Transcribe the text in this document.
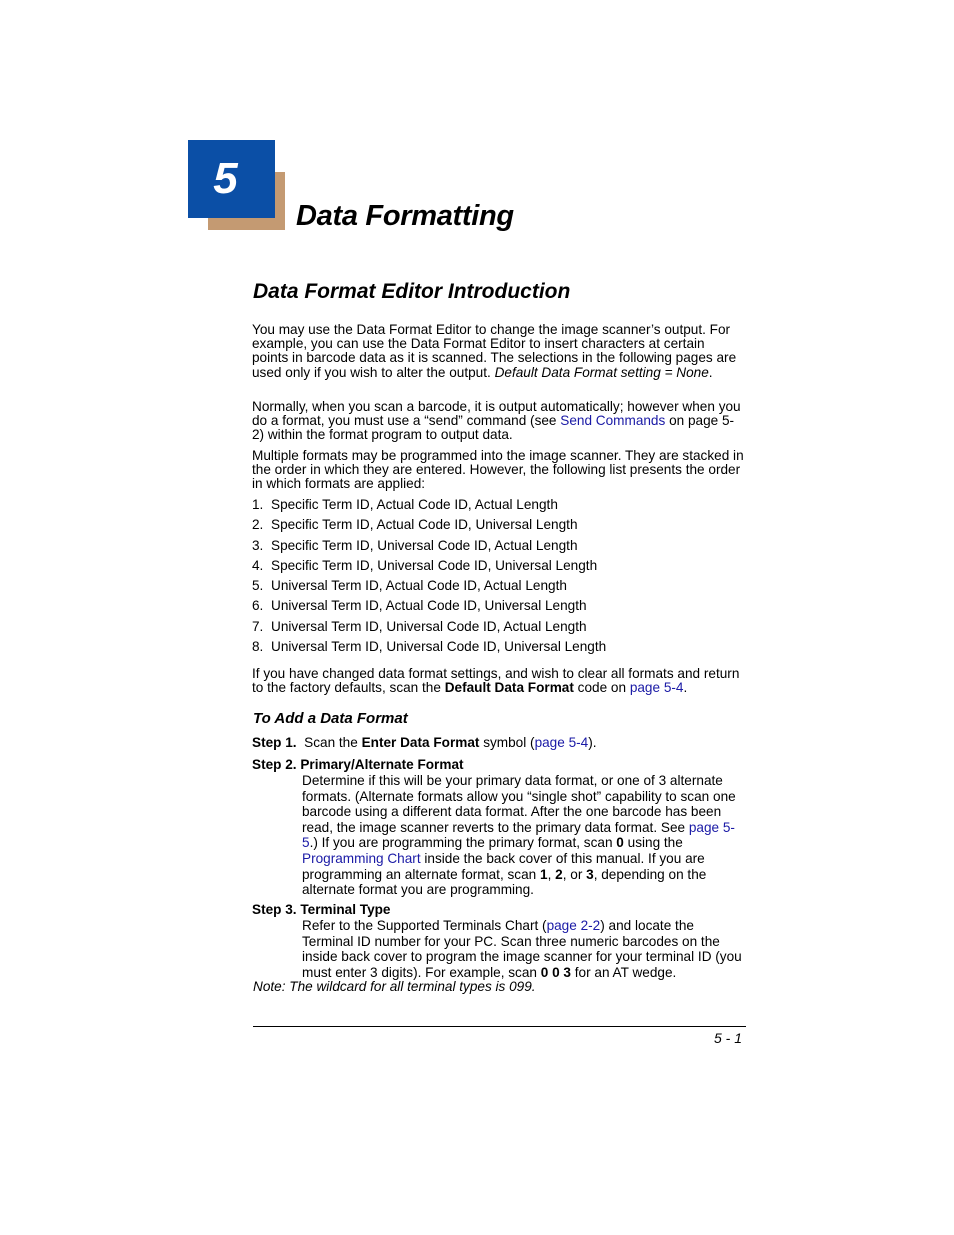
5
Data Formatting
Data Format Editor Introduction
You may use the Data Format Editor to change the image scanner’s output. For example, you can use the Data Format Editor to insert characters at certain points in barcode data as it is scanned. The selections in the following pages are used only if you wish to alter the output. Default Data Format setting = None.
Normally, when you scan a barcode, it is output automatically; however when you do a format, you must use a “send” command (see Send Commands on page 5-2) within the format program to output data.
Multiple formats may be programmed into the image scanner. They are stacked in the order in which they are entered. However, the following list presents the order in which formats are applied:
1. Specific Term ID, Actual Code ID, Actual Length
2. Specific Term ID, Actual Code ID, Universal Length
3. Specific Term ID, Universal Code ID, Actual Length
4. Specific Term ID, Universal Code ID, Universal Length
5. Universal Term ID, Actual Code ID, Actual Length
6. Universal Term ID, Actual Code ID, Universal Length
7. Universal Term ID, Universal Code ID, Actual Length
8. Universal Term ID, Universal Code ID, Universal Length
If you have changed data format settings, and wish to clear all formats and return to the factory defaults, scan the Default Data Format code on page 5-4.
To Add a Data Format
Step 1. Scan the Enter Data Format symbol (page 5-4).
Step 2. Primary/Alternate Format
Determine if this will be your primary data format, or one of 3 alternate formats. (Alternate formats allow you “single shot” capability to scan one barcode using a different data format. After the one barcode has been read, the image scanner reverts to the primary data format. See page 5-5.) If you are programming the primary format, scan 0 using the Programming Chart inside the back cover of this manual. If you are programming an alternate format, scan 1, 2, or 3, depending on the alternate format you are programming.
Step 3. Terminal Type
Refer to the Supported Terminals Chart (page 2-2) and locate the Terminal ID number for your PC. Scan three numeric barcodes on the inside back cover to program the image scanner for your terminal ID (you must enter 3 digits). For example, scan 0 0 3 for an AT wedge.
Note: The wildcard for all terminal types is 099.
5 - 1
